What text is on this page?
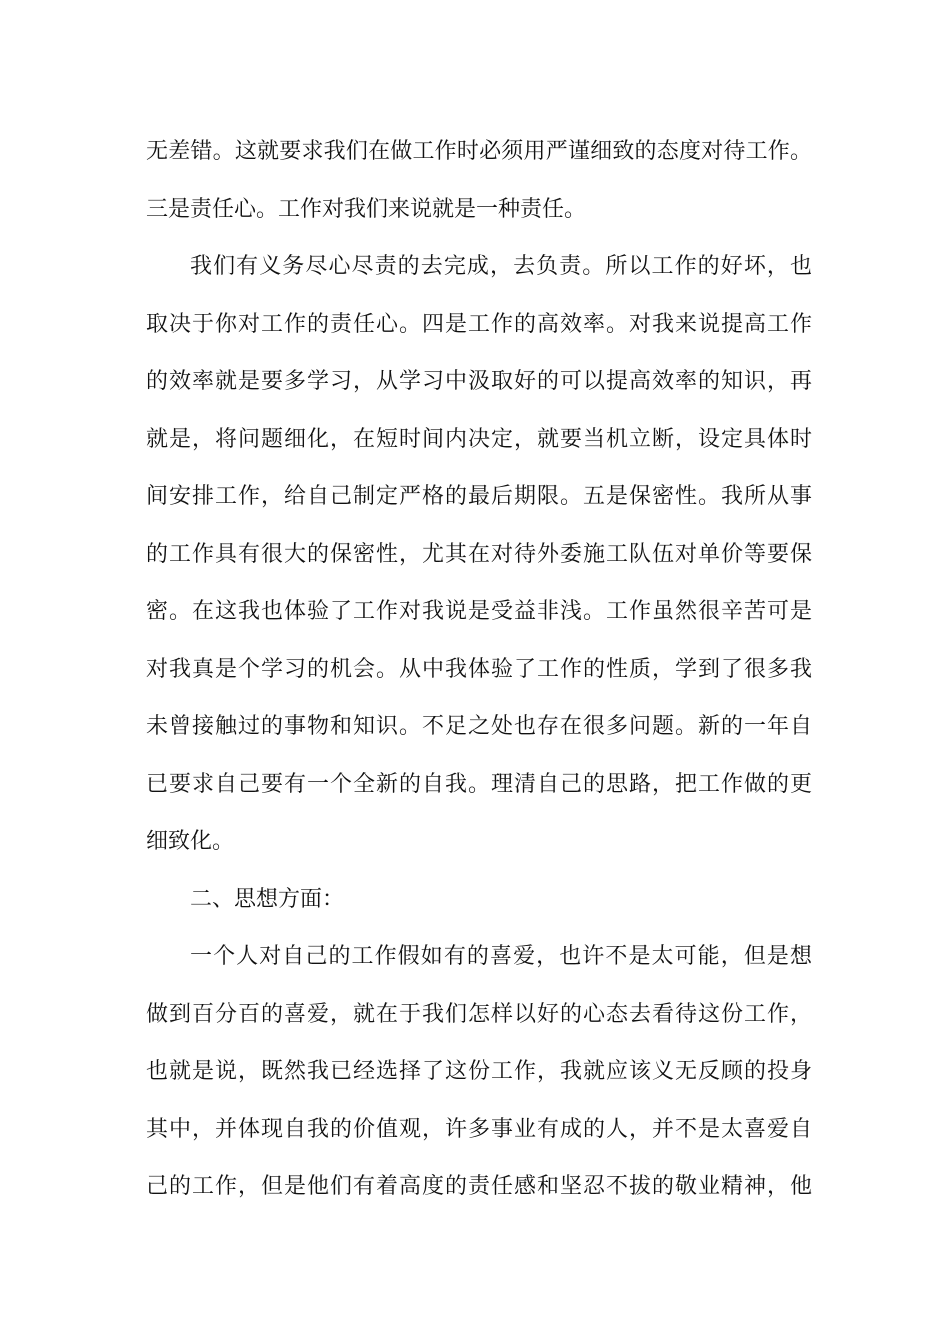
无差错。这就要求我们在做工作时必须用严谨细致的态度对待工作。
三是责任心。工作对我们来说就是一种责任。
我们有义务尽心尽责的去完成，去负责。所以工作的好坏，也
取决于你对工作的责任心。四是工作的高效率。对我来说提高工作
的效率就是要多学习，从学习中汲取好的可以提高效率的知识，再
就是，将问题细化，在短时间内决定，就要当机立断，设定具体时
间安排工作，给自己制定严格的最后期限。五是保密性。我所从事
的工作具有很大的保密性，尤其在对待外委施工队伍对单价等要保
密。在这我也体验了工作对我说是受益非浅。工作虽然很辛苦可是
对我真是个学习的机会。从中我体验了工作的性质，学到了很多我
未曾接触过的事物和知识。不足之处也存在很多问题。新的一年自
已要求自己要有一个全新的自我。理清自己的思路，把工作做的更
细致化。
二、思想方面：
一个人对自己的工作假如有的喜爱，也许不是太可能，但是想
做到百分百的喜爱，就在于我们怎样以好的心态去看待这份工作，
也就是说，既然我已经选择了这份工作，我就应该义无反顾的投身
其中，并体现自我的价值观，许多事业有成的人，并不是太喜爱自
己的工作，但是他们有着高度的责任感和坚忍不拔的敬业精神，他
